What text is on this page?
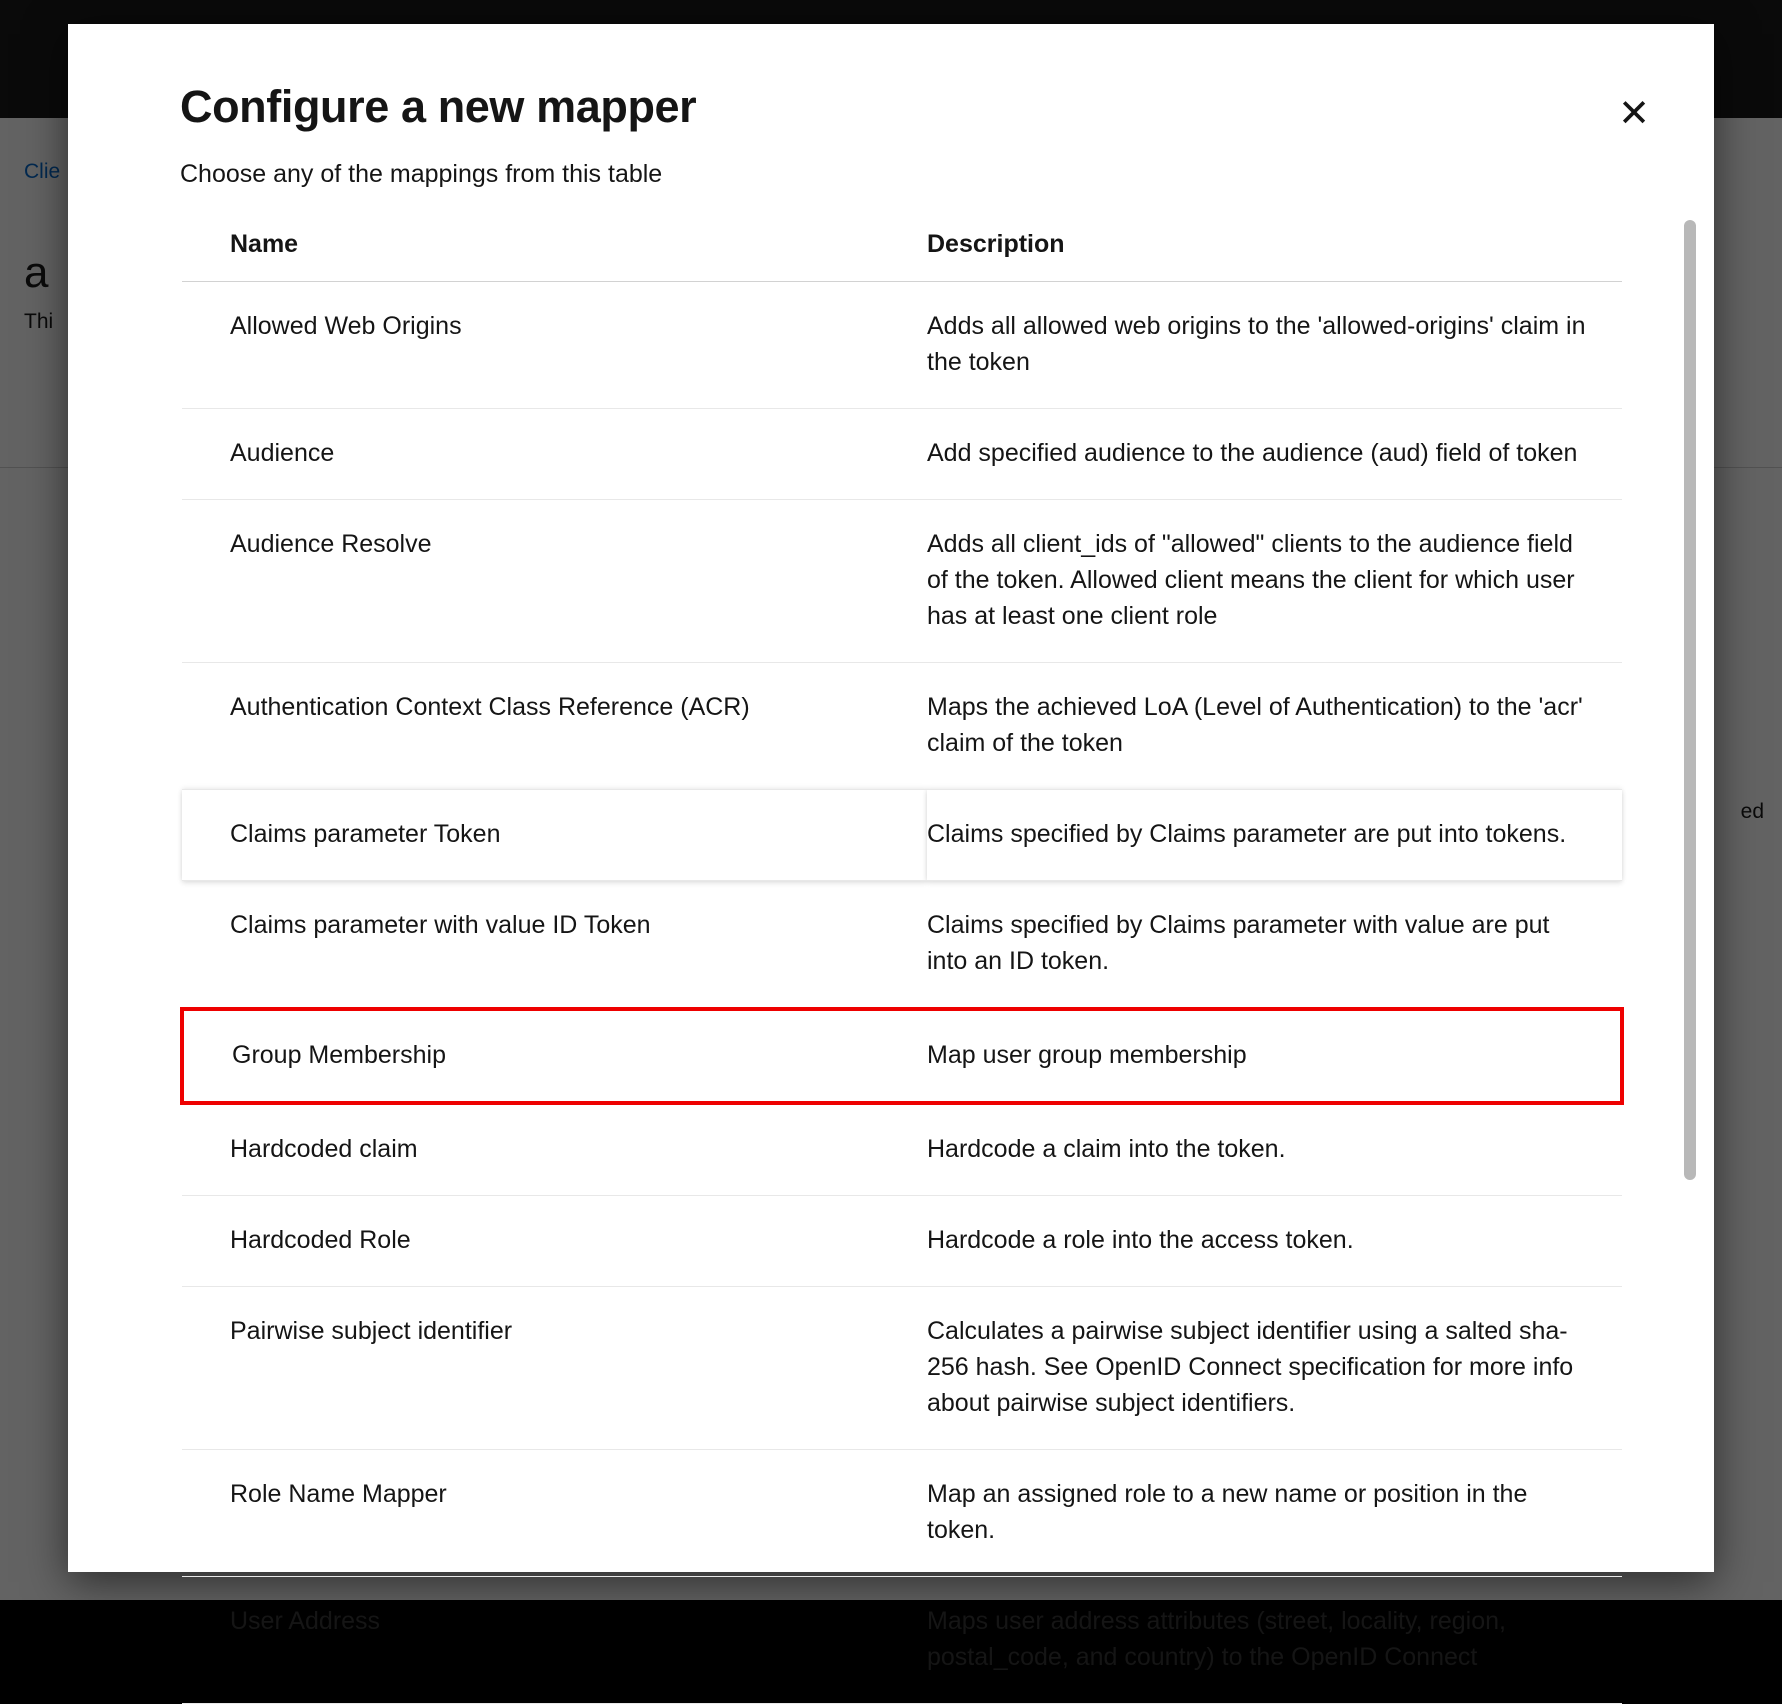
Configure a new mapper

Choose any of the mappings from this table

✕
Name	Description
Allowed Web Origins	Adds all allowed web origins to the 'allowed-origins' claim in the token
Audience	Add specified audience to the audience (aud) field of token
Audience Resolve	Adds all client_ids of "allowed" clients to the audience field of the token. Allowed client means the client for which user has at least one client role
Authentication Context Class Reference (ACR)	Maps the achieved LoA (Level of Authentication) to the 'acr' claim of the token
Claims parameter Token	Claims specified by Claims parameter are put into tokens.
Claims parameter with value ID Token	Claims specified by Claims parameter with value are put into an ID token.
Group Membership	Map user group membership
Hardcoded claim	Hardcode a claim into the token.
Hardcoded Role	Hardcode a role into the access token.
Pairwise subject identifier	Calculates a pairwise subject identifier using a salted sha-256 hash. See OpenID Connect specification for more info about pairwise subject identifiers.
Role Name Mapper	Map an assigned role to a new name or position in the token.
User Address	Maps user address attributes (street, locality, region, postal_code, and country) to the OpenID Connect
